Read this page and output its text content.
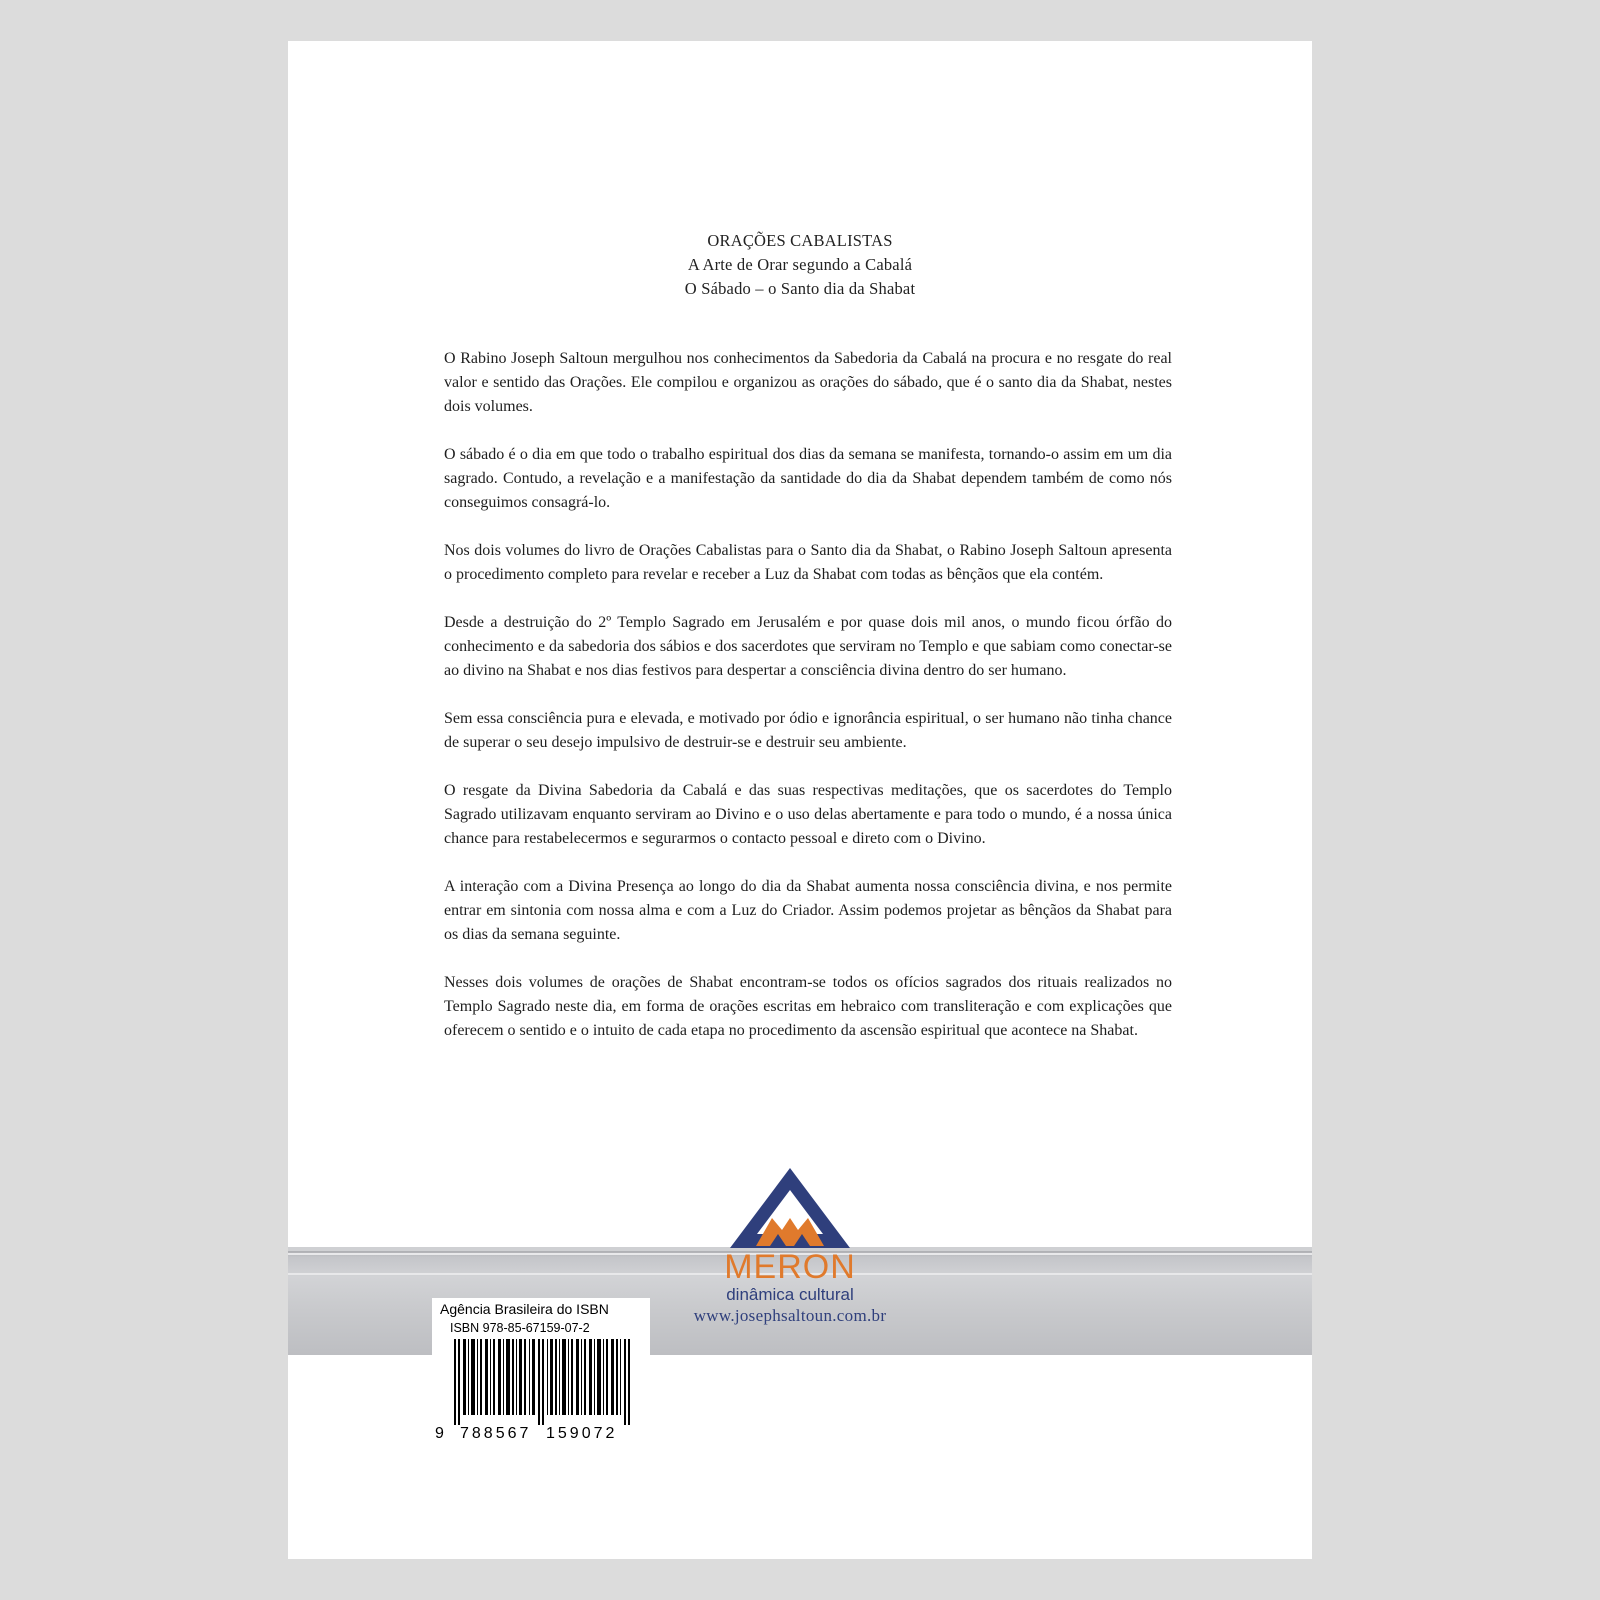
ORAÇÕES CABALISTAS
A Arte de Orar segundo a Cabalá
O Sábado – o Santo dia da Shabat

O Rabino Joseph Saltoun mergulhou nos conhecimentos da Sabedoria da Cabalá na procura e no resgate do real valor e sentido das Orações. Ele compilou e organizou as orações do sábado, que é o santo dia da Shabat, nestes dois volumes.

O sábado é o dia em que todo o trabalho espiritual dos dias da semana se manifesta, tornando-o assim em um dia sagrado. Contudo, a revelação e a manifestação da santidade do dia da Shabat dependem também de como nós conseguimos consagrá-lo.

Nos dois volumes do livro de Orações Cabalistas para o Santo dia da Shabat, o Rabino Joseph Saltoun apresenta o procedimento completo para revelar e receber a Luz da Shabat com todas as bênçãos que ela contém.

Desde a destruição do 2º Templo Sagrado em Jerusalém e por quase dois mil anos, o mundo ficou órfão do conhecimento e da sabedoria dos sábios e dos sacerdotes que serviram no Templo e que sabiam como conectar-se ao divino na Shabat e nos dias festivos para despertar a consciência divina dentro do ser humano.

Sem essa consciência pura e elevada, e motivado por ódio e ignorância espiritual, o ser humano não tinha chance de superar o seu desejo impulsivo de destruir-se e destruir seu ambiente.

O resgate da Divina Sabedoria da Cabalá e das suas respectivas meditações, que os sacerdotes do Templo Sagrado utilizavam enquanto serviram ao Divino e o uso delas abertamente e para todo o mundo, é a nossa única chance para restabelecermos e segurarmos o contacto pessoal e direto com o Divino.

A interação com a Divina Presença ao longo do dia da Shabat aumenta nossa consciência divina, e nos permite entrar em sintonia com nossa alma e com a Luz do Criador. Assim podemos projetar as bênçãos da Shabat para os dias da semana seguinte.

Nesses dois volumes de orações de Shabat encontram-se todos os ofícios sagrados dos rituais realizados no Templo Sagrado neste dia, em forma de orações escritas em hebraico com transliteração e com explicações que oferecem o sentido e o intuito de cada etapa no procedimento da ascensão espiritual que acontece na Shabat.

MERON
dinâmica cultural
www.josephsaltoun.com.br
Agência Brasileira do ISBN
ISBN 978-85-67159-07-2
9 788567 159072
